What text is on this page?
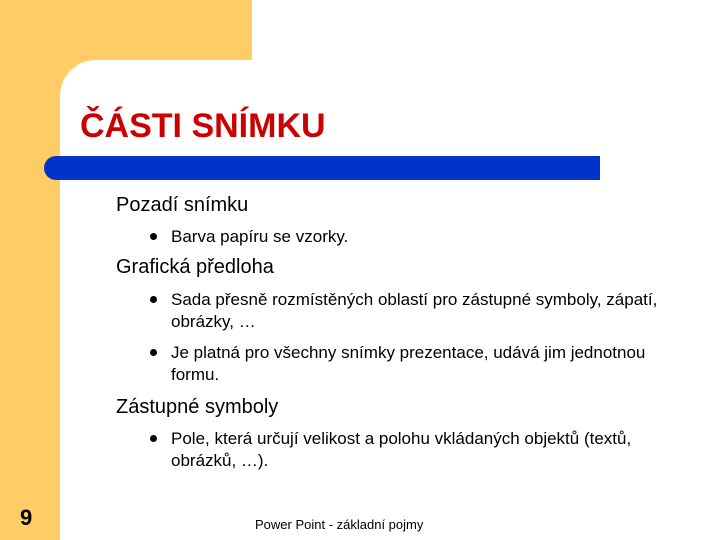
ČÁSTI SNÍMKU
Pozadí snímku
Barva papíru se vzorky.
Grafická předloha
Sada přesně rozmístěných oblastí pro zástupné symboly, zápatí, obrázky, …
Je platná pro všechny snímky prezentace, udává jim jednotnou formu.
Zástupné symboly
Pole, která určují velikost a polohu vkládaných objektů (textů, obrázků, …).
9	Power Point - základní pojmy
